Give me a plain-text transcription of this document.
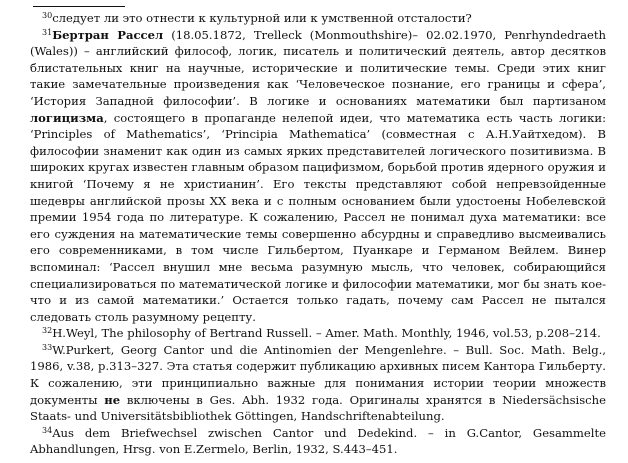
$^{30}$следует ли это отнести к культурной или к умственной отсталости?

$^{31}$Бертран Рассел (18.05.1872, Trelleck (Monmouthshire)– 02.02.1970, Penrhyndedraeth (Wales)) – английский философ, логик, писатель и политический деятель, автор десятков блистательных книг на научные, исторические и политические темы. Среди этих книг такие замечательные произведения как ‘Человеческое познание, его границы и сфера’, ‘История Западной философии’. В логике и основаниях математики был партизаном логицизма, состоящего в пропаганде нелепой идеи, что математика есть часть логики: ‘Principles of Mathematics’, ‘Principia Mathematica’ (совместная с А.Н.Уайтхедом). В философии знаменит как один из самых ярких представителей логического позитивизма. В широких кругах известен главным образом пацифизмом, борьбой против ядерного оружия и книгой ‘Почему я не христианин’. Его тексты представляют собой непревзойденные шедевры английской прозы XX века и с полным основанием были удостоены Нобелевской премии 1954 года по литературе. К сожалению, Рассел не понимал духа математики: все его суждения на математические темы совершенно абсурдны и справедливо высмеивались его современниками, в том числе Гильбертом, Пуанкаре и Германом Вейлем. Винер вспоминал: ‘Рассел внушил мне весьма разумную мысль, что человек, собирающийся специализироваться по математической логике и философии математики, мог бы знать кое-что и из самой математики.’ Остается только гадать, почему сам Рассел не пытался следовать столь разумному рецепту.

$^{32}$H.Weyl, The philosophy of Bertrand Russell. – Amer. Math. Monthly, 1946, vol.53, p.208–214.

$^{33}$W.Purkert, Georg Cantor und die Antinomien der Mengenlehre. – Bull. Soc. Math. Belg., 1986, v.38, p.313–327. Эта статья содержит публикацию архивных писем Кантора Гильберту. К сожалению, эти принципиально важные для понимания истории теории множеств документы не включены в Ges. Abh. 1932 года. Оригиналы хранятся в Niedersächsische Staats- und Universitätsbibliothek Göttingen, Handschriftenabteilung.

$^{34}$Aus dem Briefwechsel zwischen Cantor und Dedekind. – in G.Cantor, Gesammelte Abhandlungen, Hrsg. von E.Zermelo, Berlin, 1932, S.443–451.
